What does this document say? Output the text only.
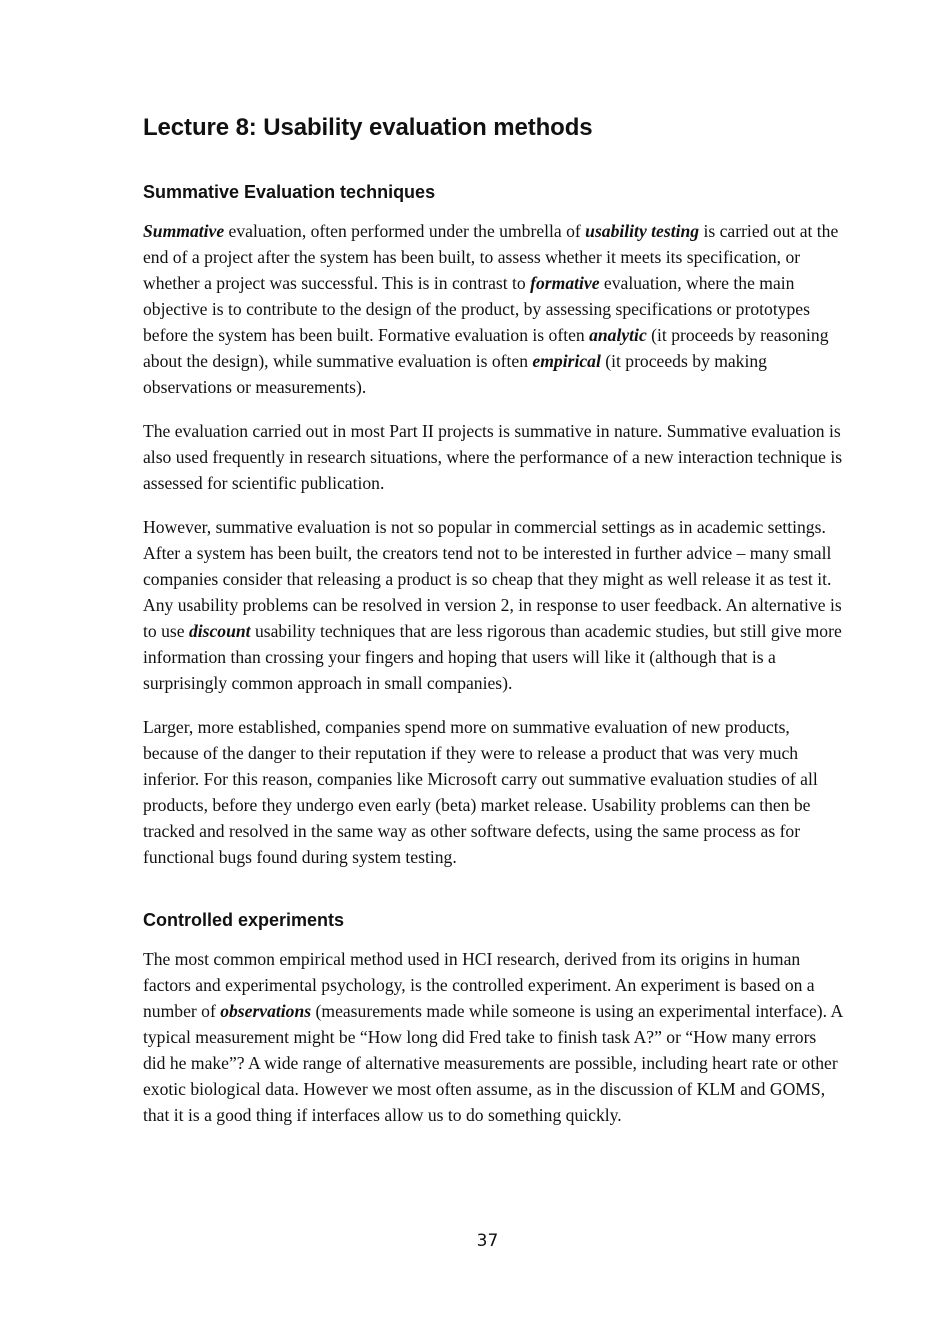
Lecture 8: Usability evaluation methods
Summative Evaluation techniques

Summative evaluation, often performed under the umbrella of usability testing is carried out at the end of a project after the system has been built, to assess whether it meets its specification, or whether a project was successful. This is in contrast to formative evaluation, where the main objective is to contribute to the design of the product, by assessing specifications or prototypes before the system has been built. Formative evaluation is often analytic (it proceeds by reasoning about the design), while summative evaluation is often empirical (it proceeds by making observations or measurements).

The evaluation carried out in most Part II projects is summative in nature. Summative evaluation is also used frequently in research situations, where the performance of a new interaction technique is assessed for scientific publication.

However, summative evaluation is not so popular in commercial settings as in academic settings. After a system has been built, the creators tend not to be interested in further advice – many small companies consider that releasing a product is so cheap that they might as well release it as test it. Any usability problems can be resolved in version 2, in response to user feedback. An alternative is to use discount usability techniques that are less rigorous than academic studies, but still give more information than crossing your fingers and hoping that users will like it (although that is a surprisingly common approach in small companies).

Larger, more established, companies spend more on summative evaluation of new products, because of the danger to their reputation if they were to release a product that was very much inferior. For this reason, companies like Microsoft carry out summative evaluation studies of all products, before they undergo even early (beta) market release. Usability problems can then be tracked and resolved in the same way as other software defects, using the same process as for functional bugs found during system testing.

Controlled experiments

The most common empirical method used in HCI research, derived from its origins in human factors and experimental psychology, is the controlled experiment. An experiment is based on a number of observations (measurements made while someone is using an experimental interface). A typical measurement might be “How long did Fred take to finish task A?” or “How many errors did he make”? A wide range of alternative measurements are possible, including heart rate or other exotic biological data. However we most often assume, as in the discussion of KLM and GOMS, that it is a good thing if interfaces allow us to do something quickly.

37
